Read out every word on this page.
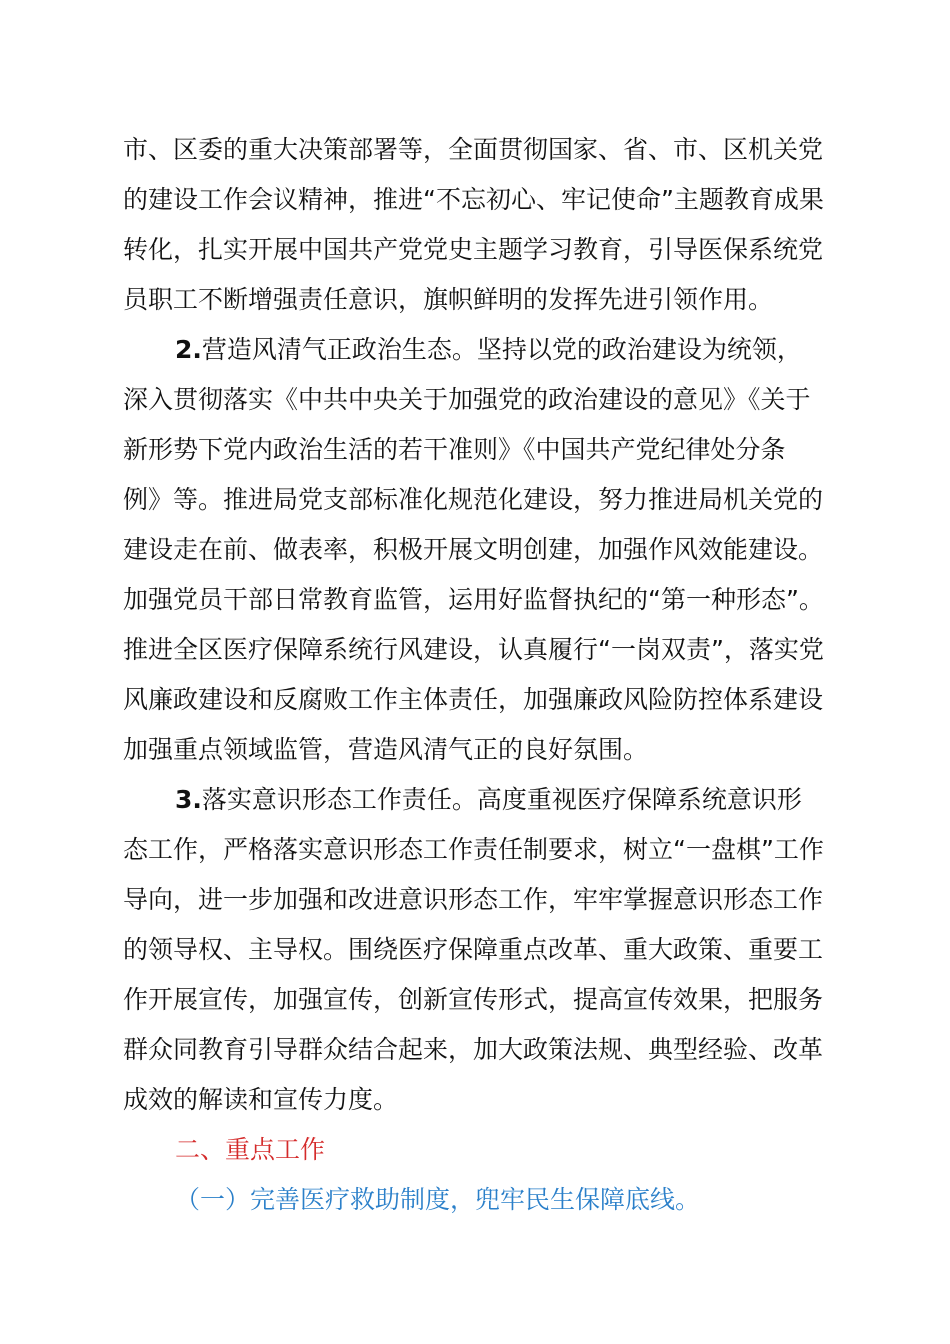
市、区委的重大决策部署等，全面贯彻国家、省、市、区机关党
的建设工作会议精神，推进“不忘初心、牢记使命”主题教育成果
转化，扎实开展中国共产党党史主题学习教育，引导医保系统党
员职工不断增强责任意识，旗帜鲜明的发挥先进引领作用。
2.营造风清气正政治生态。坚持以党的政治建设为统领，
深入贯彻落实《中共中央关于加强党的政治建设的意见》《关于
新形势下党内政治生活的若干准则》《中国共产党纪律处分条
例》等。推进局党支部标准化规范化建设，努力推进局机关党的
建设走在前、做表率，积极开展文明创建，加强作风效能建设。
加强党员干部日常教育监管，运用好监督执纪的“第一种形态”。
推进全区医疗保障系统行风建设，认真履行“一岗双责”，落实党
风廉政建设和反腐败工作主体责任，加强廉政风险防控体系建设
加强重点领域监管，营造风清气正的良好氛围。
3.落实意识形态工作责任。高度重视医疗保障系统意识形
态工作，严格落实意识形态工作责任制要求，树立“一盘棋”工作
导向，进一步加强和改进意识形态工作，牢牢掌握意识形态工作
的领导权、主导权。围绕医疗保障重点改革、重大政策、重要工
作开展宣传，加强宣传，创新宣传形式，提高宣传效果，把服务
群众同教育引导群众结合起来，加大政策法规、典型经验、改革
成效的解读和宣传力度。
二、重点工作
（一）完善医疗救助制度，兜牢民生保障底线。
